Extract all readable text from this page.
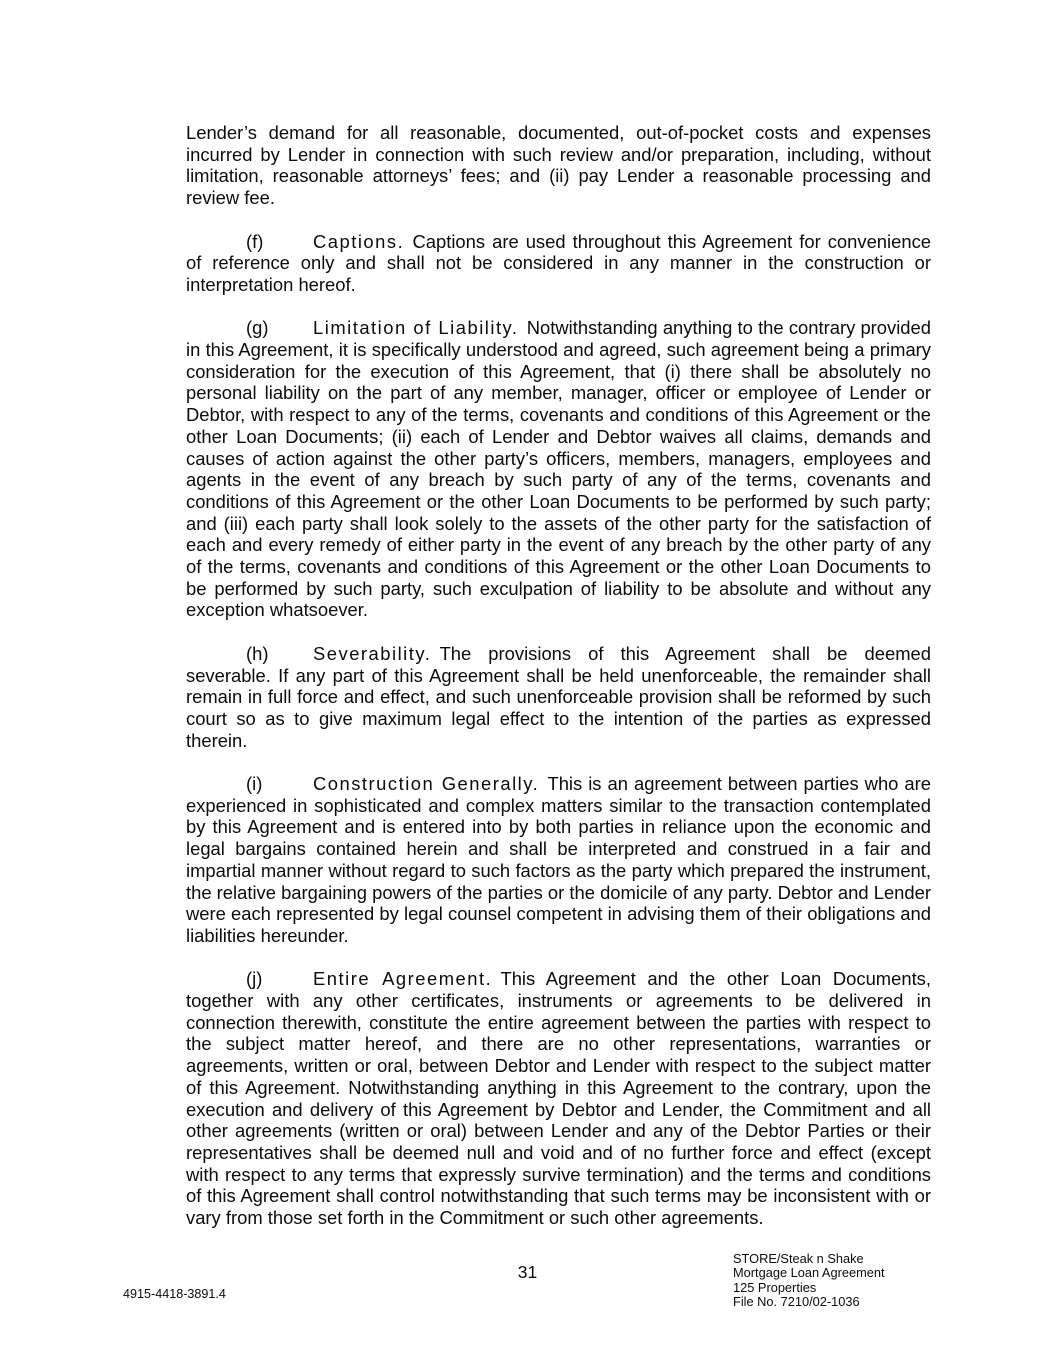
Lender’s demand for all reasonable, documented, out-of-pocket costs and expenses incurred by Lender in connection with such review and/or preparation, including, without limitation, reasonable attorneys’ fees; and (ii) pay Lender a reasonable processing and review fee.

(f)	Captions. Captions are used throughout this Agreement for convenience of reference only and shall not be considered in any manner in the construction or interpretation hereof.

(g) Limitation of Liability. Notwithstanding anything to the contrary provided in this Agreement, it is specifically understood and agreed, such agreement being a primary consideration for the execution of this Agreement, that (i) there shall be absolutely no personal liability on the part of any member, manager, officer or employee of Lender or Debtor, with respect to any of the terms, covenants and conditions of this Agreement or the other Loan Documents; (ii) each of Lender and Debtor waives all claims, demands and causes of action against the other party’s officers, members, managers, employees and agents in the event of any breach by such party of any of the terms, covenants and conditions of this Agreement or the other Loan Documents to be performed by such party; and (iii) each party shall look solely to the assets of the other party for the satisfaction of each and every remedy of either party in the event of any breach by the other party of any of the terms, covenants and conditions of this Agreement or the other Loan Documents to be performed by such party, such exculpation of liability to be absolute and without any exception whatsoever.

(h) Severability. The provisions of this Agreement shall be deemed severable. If any part of this Agreement shall be held unenforceable, the remainder shall remain in full force and effect, and such unenforceable provision shall be reformed by such court so as to give maximum legal effect to the intention of the parties as expressed therein.

(i)	Construction Generally. This is an agreement between parties who are experienced in sophisticated and complex matters similar to the transaction contemplated by this Agreement and is entered into by both parties in reliance upon the economic and legal bargains contained herein and shall be interpreted and construed in a fair and impartial manner without regard to such factors as the party which prepared the instrument, the relative bargaining powers of the parties or the domicile of any party. Debtor and Lender were each represented by legal counsel competent in advising them of their obligations and liabilities hereunder.

(j)	Entire Agreement. This Agreement and the other Loan Documents, together with any other certificates, instruments or agreements to be delivered in connection therewith, constitute the entire agreement between the parties with respect to the subject matter hereof, and there are no other representations, warranties or agreements, written or oral, between Debtor and Lender with respect to the subject matter of this Agreement. Notwithstanding anything in this Agreement to the contrary, upon the execution and delivery of this Agreement by Debtor and Lender, the Commitment and all other agreements (written or oral) between Lender and any of the Debtor Parties or their representatives shall be deemed null and void and of no further force and effect (except with respect to any terms that expressly survive termination) and the terms and conditions of this Agreement shall control notwithstanding that such terms may be inconsistent with or vary from those set forth in the Commitment or such other agreements.

4915-4418-3891.4
31
STORE/Steak n Shake
Mortgage Loan Agreement
125 Properties
File No. 7210/02-1036
